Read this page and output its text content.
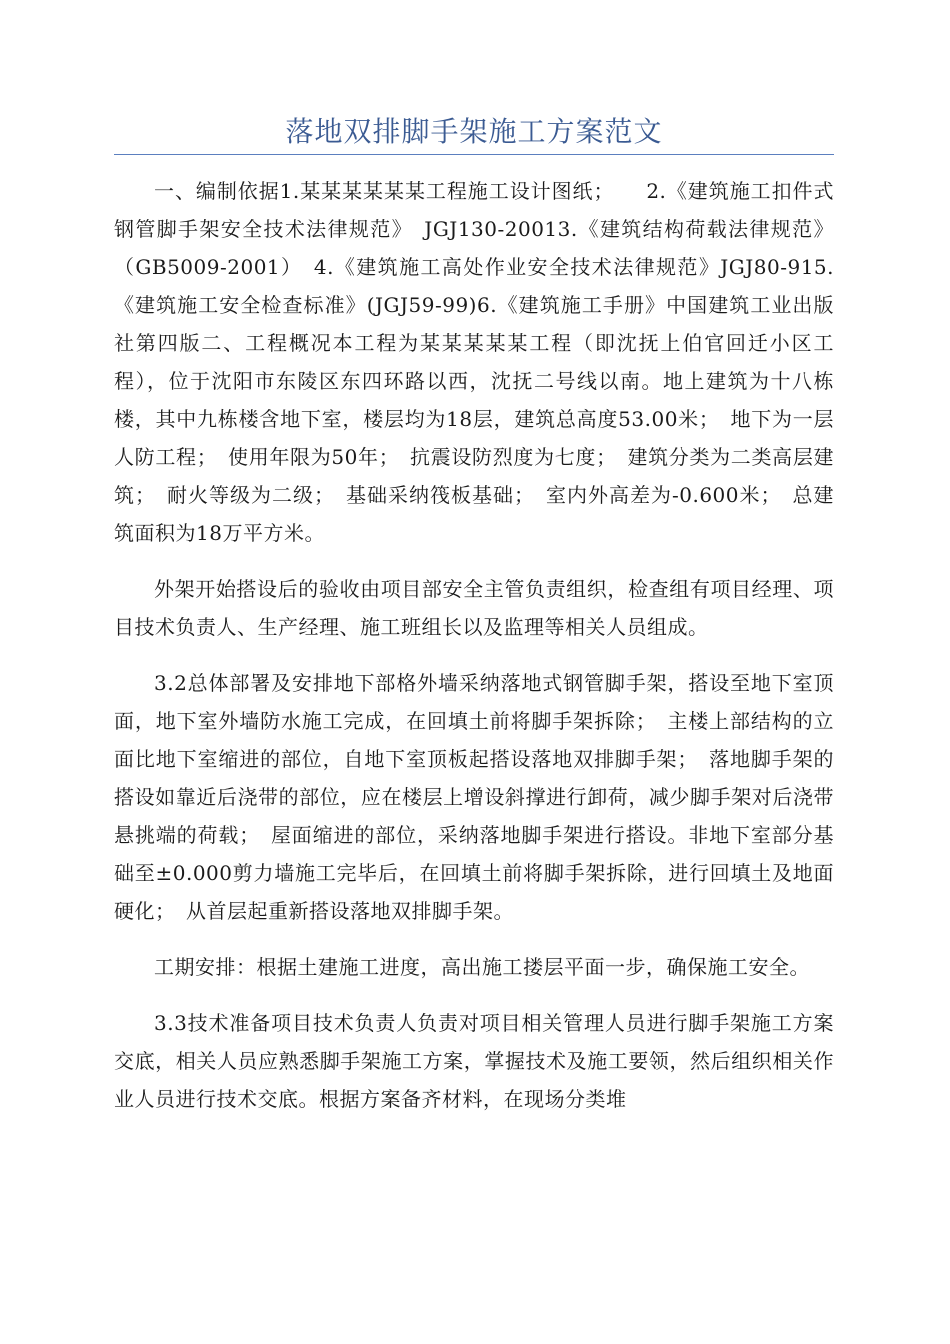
落地双排脚手架施工方案范文

一、编制依据1.某某某某某某工程施工设计图纸；　　2.《建筑施工扣件式钢管脚手架安全技术法律规范》　JGJ130-20013.《建筑结构荷载法律规范》（GB5009-2001）　4.《建筑施工高处作业安全技术法律规范》JGJ80-915.《建筑施工安全检查标准》(JGJ59-99)6.《建筑施工手册》中国建筑工业出版社第四版二、工程概况本工程为某某某某某工程（即沈抚上伯官回迁小区工程），位于沈阳市东陵区东四环路以西，沈抚二号线以南。地上建筑为十八栋楼，其中九栋楼含地下室，楼层均为18层，建筑总高度53.00米；　地下为一层人防工程；　使用年限为50年；　抗震设防烈度为七度；　建筑分类为二类高层建筑；　耐火等级为二级；　基础采纳筏板基础；　室内外高差为-0.600米；　总建筑面积为18万平方米。

外架开始搭设后的验收由项目部安全主管负责组织，检查组有项目经理、项目技术负责人、生产经理、施工班组长以及监理等相关人员组成。

3.2总体部署及安排地下部格外墙采纳落地式钢管脚手架，搭设至地下室顶面，地下室外墙防水施工完成，在回填土前将脚手架拆除；　主楼上部结构的立面比地下室缩进的部位，自地下室顶板起搭设落地双排脚手架；　落地脚手架的搭设如靠近后浇带的部位，应在楼层上增设斜撑进行卸荷，减少脚手架对后浇带悬挑端的荷载；　屋面缩进的部位，采纳落地脚手架进行搭设。非地下室部分基础至±0.000剪力墙施工完毕后，在回填土前将脚手架拆除，进行回填土及地面硬化；　从首层起重新搭设落地双排脚手架。

工期安排：根据土建施工进度，高出施工搂层平面一步，确保施工安全。

3.3技术准备项目技术负责人负责对项目相关管理人员进行脚手架施工方案交底，相关人员应熟悉脚手架施工方案，掌握技术及施工要领，然后组织相关作业人员进行技术交底。根据方案备齐材料，在现场分类堆
